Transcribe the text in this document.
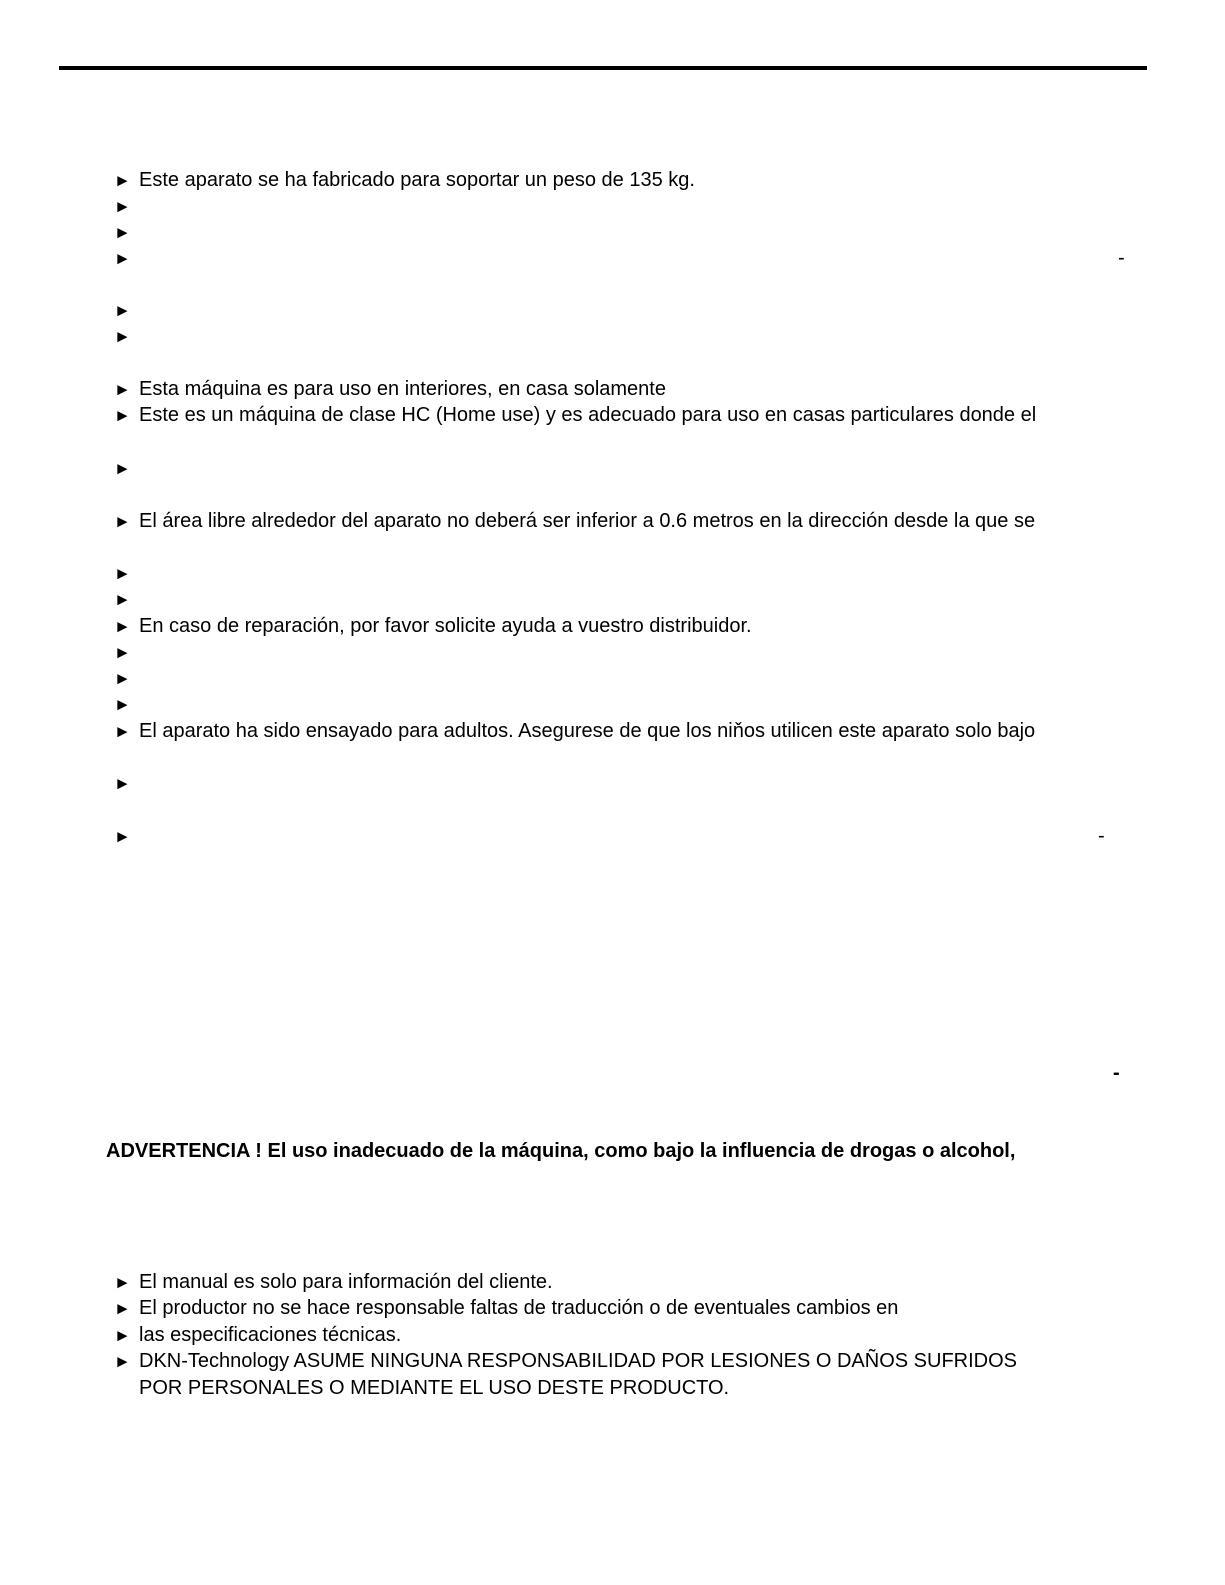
► Este aparato se ha fabricado para soportar un peso de 135 kg.
►
►
►
►
►
► Esta máquina es para uso en interiores, en casa solamente
► Este es un máquina de clase HC (Home use) y es adecuado para uso en casas particulares donde el
►
► El área libre alrededor del aparato no deberá ser inferior a 0.6 metros en la dirección desde la que se
►
►
► En caso de reparación, por favor solicite ayuda a vuestro distribuidor.
►
►
►
► El aparato ha sido ensayado para adultos. Asegurese de que los niňos utilicen este aparato solo bajo
►
►
-
-
-
ADVERTENCIA ! El uso inadecuado de la máquina, como bajo la influencia de drogas o alcohol,
► El manual es solo para información del cliente.
► El productor no se hace responsable faltas de traducción o de eventuales cambios en
► las especificaciones técnicas.
► DKN-Technology ASUME NINGUNA RESPONSABILIDAD POR LESIONES O DAÑOS SUFRIDOS
POR PERSONALES O MEDIANTE EL USO DESTE PRODUCTO.
